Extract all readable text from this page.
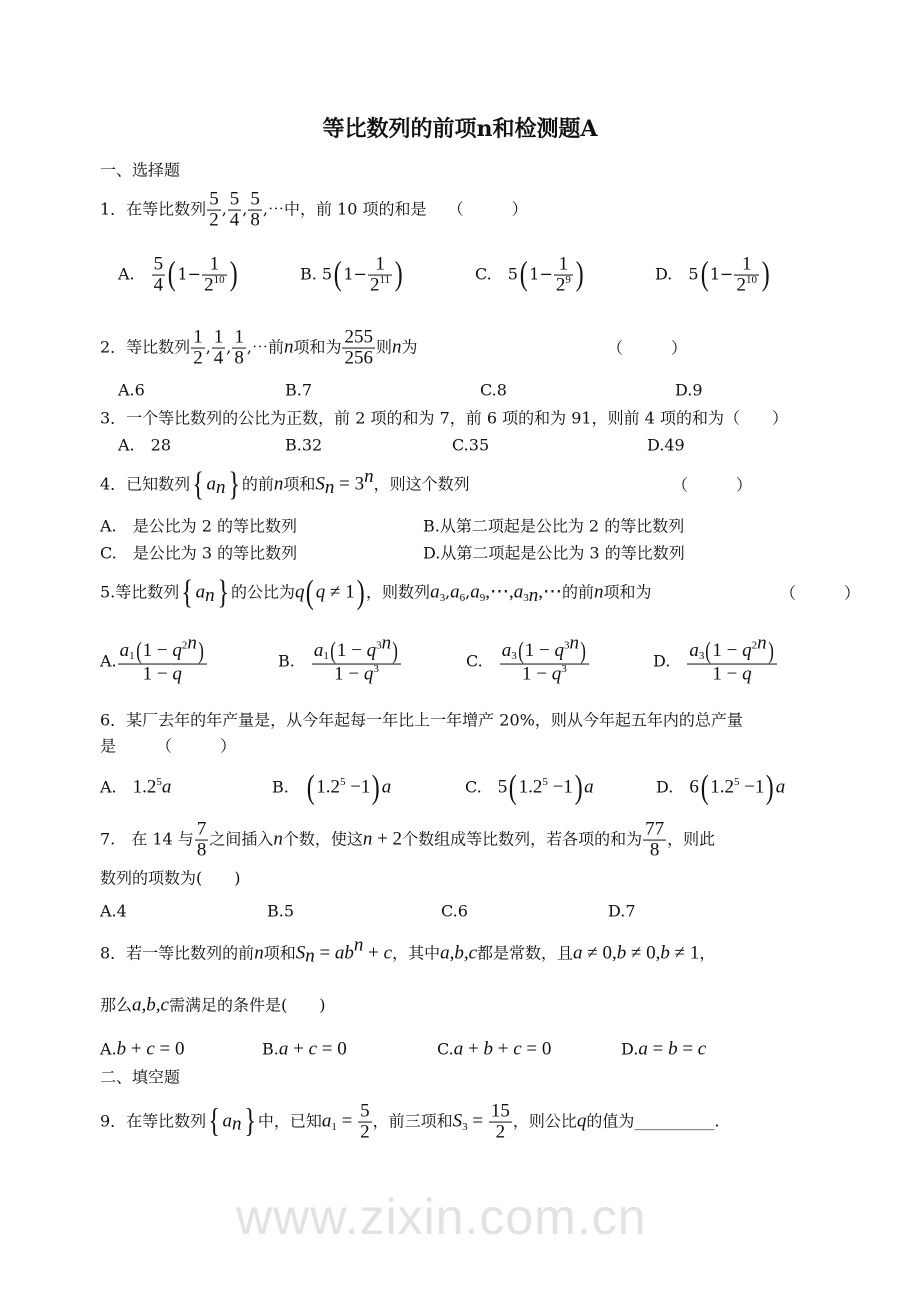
等比数列的前项n和检测题A
www.zixin.com.cn
一、选择题
二、填空题
1．在等比数列 $\frac{5}{2}$ , $\frac{5}{4}$ , $\frac{5}{8}$ ,⋯中，前 10 项的和是　 （　　　）
A.　 $\frac{5}{4}$ ( $1- \frac{1}{2^{10}}$ )	B. 5( $1- \frac{1}{2^{11}}$ )	C.　5( $1- \frac{1}{2^9}$ )	D.　5( $1- \frac{1}{2^{10}}$ )
2．等比数列 $\frac{1}{2}$ , $\frac{1}{4}$ , $\frac{1}{8}$ ,⋯前n项和为 $\frac{255}{256}$ 则n为	（　　　）
A.6	B.7	C.8	D.9
3．一个等比数列的公比为正数，前 2 项的和为 7，前 6 项的和为 91，则前 4 项的和为（　　）
A.　28	B.32	C.35	D.49
4．已知数列{ $a_n$} 的前n项和$S_n = 3^n$，则这个数列	（　　　）
A.　是公比为 2 的等比数列	B.从第二项起是公比为 2 的等比数列
C.　是公比为 3 的等比数列	D.从第二项起是公比为 3 的等比数列
5.等比数列{ $a_n$} 的公比为q(q ≠ 1) ，则数列$a_3,a_6,a_9,\cdots,a_{3n},\cdots$的前n项和为	（　　　）
A. $\frac{a_1(1 - q^{2n})}{1 - q}$	B.　 $\frac{a_1(1 - q^{3n})}{1 - q^3}$	C.　 $\frac{a_3(1 - q^{3n})}{1 - q^3}$	D.　 $\frac{a_3(1 - q^{2n})}{1 - q}$
6．某厂去年的年产量是，从今年起每一年比上一年增产 20%，则从今年起五年内的总产量
是　　　（　　　）
A.　$1.2^5a$	B.　$(1.2^5 -1)a$	C.　$5(1.2^5 -1)a$	D.　$6(1.2^5 -1)a$
7.　在 14 与 $\frac{7}{8}$ 之间插入n个数，使这n + 2个数组成等比数列，若各项的和为 $\frac{77}{8}$ ，则此
数列的项数为(　　)
A.4	B.5	C.6	D.7
8．若一等比数列的前n项和$S_n = ab^n + c$，其中a,b,c都是常数，且a ≠ 0,b ≠ 0,b ≠ 1，
那么a,b,c需满足的条件是(　　)
A.b + c = 0	B.a + c = 0	C.a + b + c = 0	D.a = b = c
9．在等比数列{ $a_n$} 中，已知$a_1 = \frac{5}{2}$ ，前三项和$S_3 = \frac{15}{2}$ ，则公比q的值为__________.
